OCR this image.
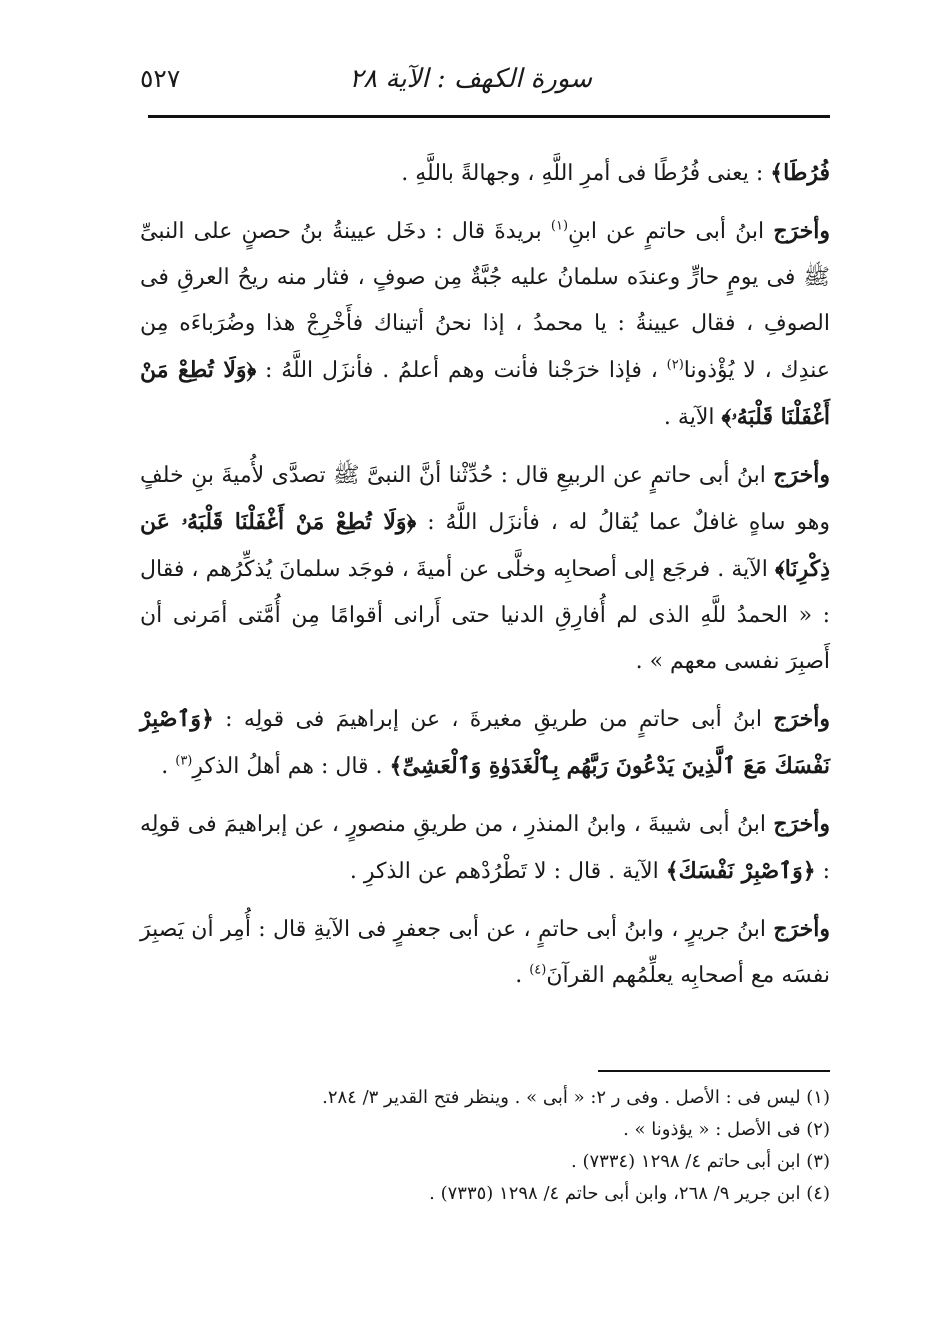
سورة الكهف : الآية ٢٨
٥٢٧

فُرُطَا﴾ : يعنى فُرُطًا فى أمرِ اللَّهِ ، وجهالةً باللَّهِ .

وأخرَج ابنُ أبى حاتمٍ عن ابنِ$^{(١)}$ بريدةَ قال : دخَل عيينةُ بنُ حصنٍ على النبىِّ ﷺ فى يومٍ حارٍّ وعندَه سلمانُ عليه جُبَّةٌ مِن صوفٍ ، فثار منه ريحُ العرقِ فى الصوفِ ، فقال عيينةُ : يا محمدُ ، إذا نحنُ أتيناك فأَخْرِجْ هذا وضُرَباءَه مِن عندِك ، لا يُؤْذونا$^{(٢)}$ ، فإذا خرَجْنا فأنت وهم أعلمُ . فأنزَل اللَّهُ : ﴿وَلَا تُطِعْ مَنْ أَغْفَلْنَا قَلْبَهُۥ﴾ الآية .

وأخرَج ابنُ أبى حاتمٍ عن الربيعِ قال : حُدِّثْنا أنَّ النبىَّ ﷺ تصدَّى لأُميةَ بنِ خلفٍ وهو ساهٍ غافلٌ عما يُقالُ له ، فأنزَل اللَّهُ : ﴿وَلَا تُطِعْ مَنْ أَغْفَلْنَا قَلْبَهُۥ عَن ذِكْرِنَا﴾ الآية . فرجَع إلى أصحابِه وخلَّى عن أميةَ ، فوجَد سلمانَ يُذكِّرُهم ، فقال : « الحمدُ للَّهِ الذى لم أُفارِقِ الدنيا حتى أَرانى أقوامًا مِن أُمَّتى أمَرنى أن أَصبِرَ نفسى معهم » .

وأخرَج ابنُ أبى حاتمٍ من طريقِ مغيرةَ ، عن إبراهيمَ فى قولِه : ﴿وَٱصْبِرْ نَفْسَكَ مَعَ ٱلَّذِينَ يَدْعُونَ رَبَّهُم بِٱلْغَدَوٰةِ وَٱلْعَشِىِّ﴾ . قال : هم أهلُ الذكرِ$^{(٣)}$ .

وأخرَج ابنُ أبى شيبةَ ، وابنُ المنذرِ ، من طريقِ منصورٍ ، عن إبراهيمَ فى قولِه : ﴿وَٱصْبِرْ نَفْسَكَ﴾ الآية . قال : لا تَطْرُدْهم عن الذكرِ .

وأخرَج ابنُ جريرٍ ، وابنُ أبى حاتمٍ ، عن أبى جعفرٍ فى الآيةِ قال : أُمِر أن يَصبِرَ نفسَه مع أصحابِه يعلِّمُهم القرآنَ$^{(٤)}$ .

(١) ليس فى : الأصل . وفى ر ٢: « أبى » . وينظر فتح القدير ٣/ ٢٨٤.

(٢) فى الأصل : « يؤذونا » .

(٣) ابن أبى حاتم ٤/ ١٢٩٨ (٧٣٣٤) .

(٤) ابن جرير ٩/ ٢٦٨، وابن أبى حاتم ٤/ ١٢٩٨ (٧٣٣٥) .
